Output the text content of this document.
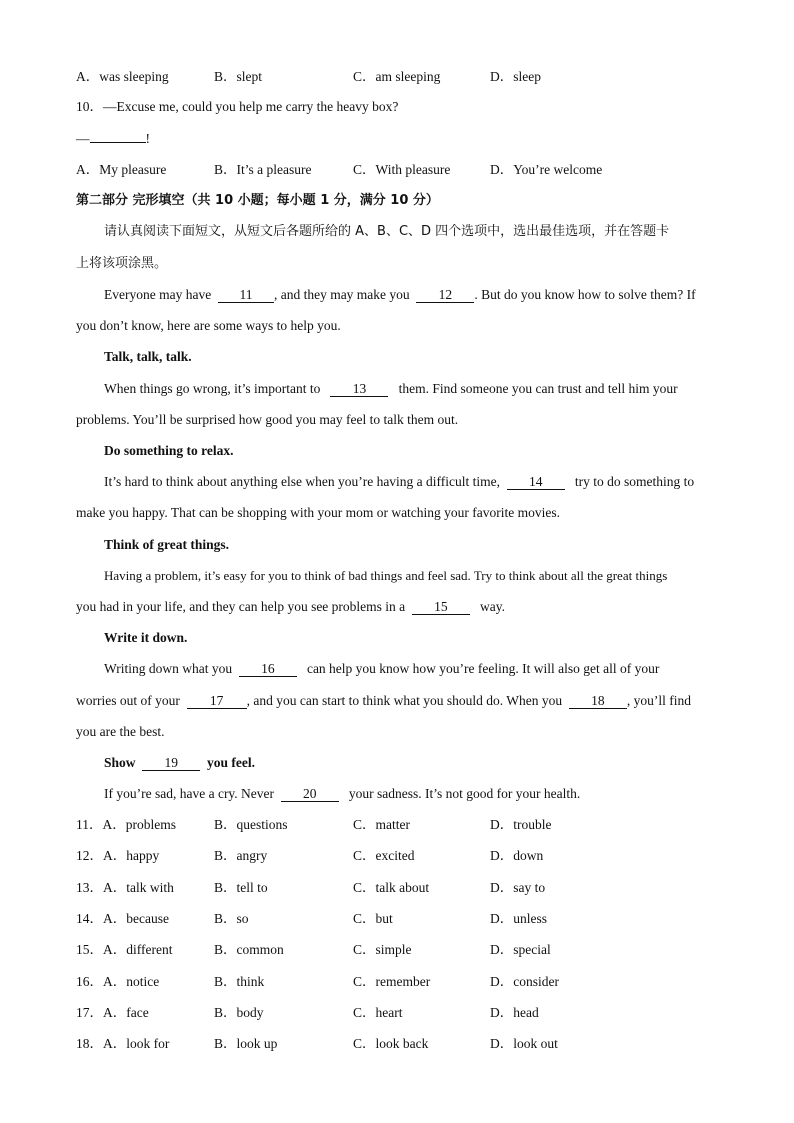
A．was sleeping	B．slept	C．am sleeping	D．sleep
10．—Excuse me, could you help me carry the heavy box?
—	!
A．My pleasure	B．It’s a pleasure	C．With pleasure	D．You’re welcome
第二部分 完形填空（共 10 小题；每小题 1 分，满分 10 分）
请认真阅读下面短文，从短文后各题所给的 A、B、C、D 四个选项中，选出最佳选项，并在答题卡
上将该项涂黑。
Everyone may have 11 , and they may make you 12 . But do you know how to solve them? If
you don’t know, here are some ways to help you.
Talk, talk, talk.
When things go wrong, it’s important to 13 them. Find someone you can trust and tell him your
problems. You’ll be surprised how good you may feel to talk them out.
Do something to relax.
It’s hard to think about anything else when you’re having a difficult time, 14 try to do something to
make you happy. That can be shopping with your mom or watching your favorite movies.
Think of great things.
Having a problem, it’s easy for you to think of bad things and feel sad. Try to think about all the great things
you had in your life, and they can help you see problems in a 15 way.
Write it down.
Writing down what you 16 can help you know how you’re feeling. It will also get all of your
worries out of your 17 , and you can start to think what you should do. When you 18 , you’ll find
you are the best.
Show 19 you feel.
If you’re sad, have a cry. Never 20 your sadness. It’s not good for your health.
11．A．problems	B．questions	C．matter	D．trouble
12．A．happy	B．angry	C．excited	D．down
13．A．talk with	B．tell to	C．talk about	D．say to
14．A．because	B．so	C．but	D．unless
15．A．different	B．common	C．simple	D．special
16．A．notice	B．think	C．remember	D．consider
17．A．face	B．body	C．heart	D．head
18．A．look for	B．look up	C．look back	D．look out
